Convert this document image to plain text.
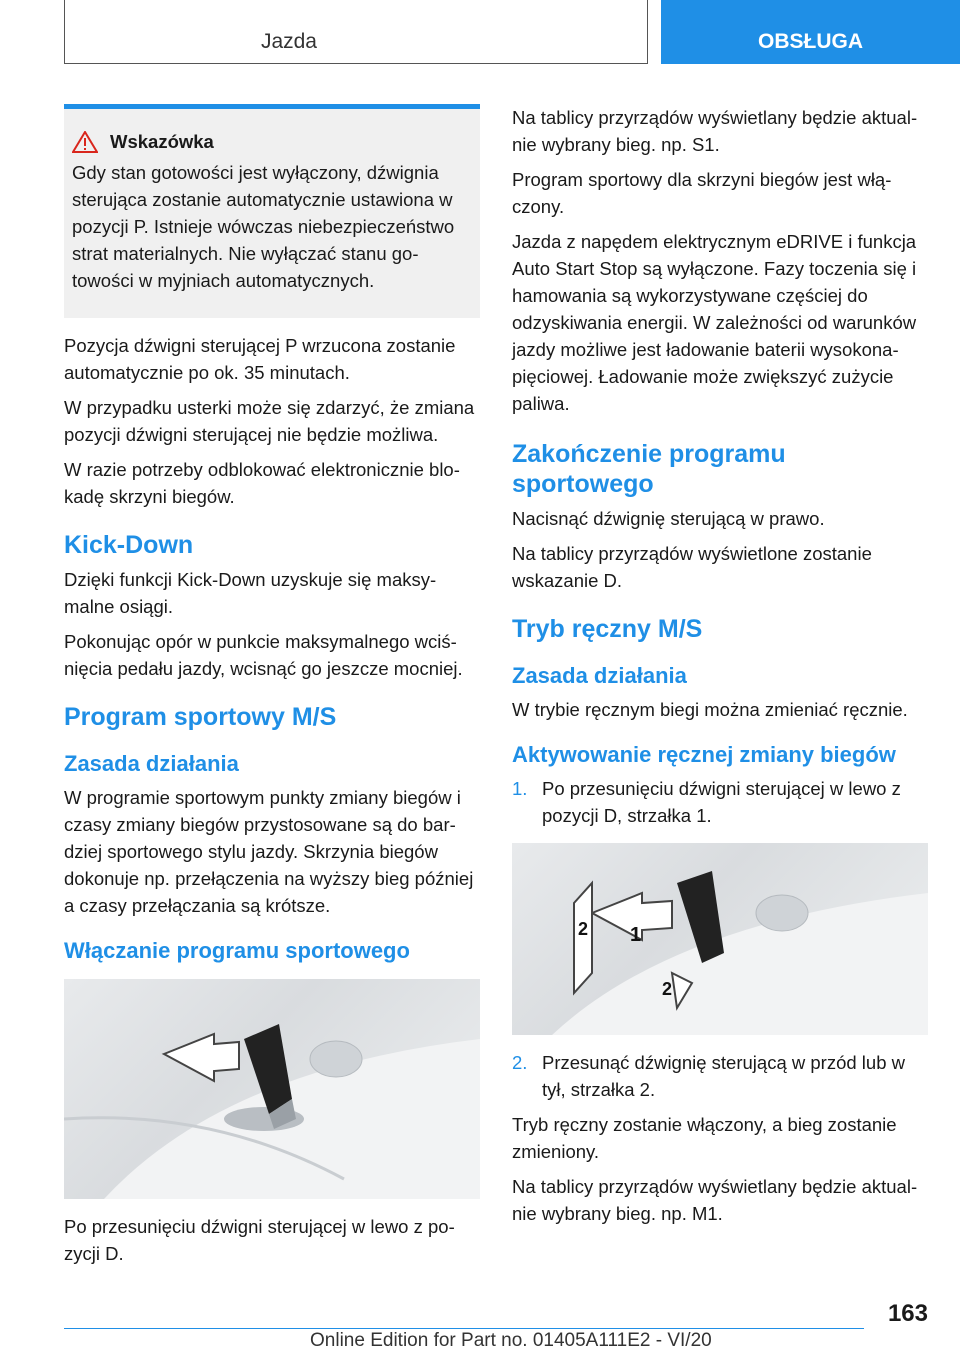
Jazda	OBSŁUGA
Wskazówka

Gdy stan gotowości jest wyłączony, dźwignia sterująca zostanie automatycznie ustawiona w pozycji P. Istnieje wówczas niebezpieczeństwo strat materialnych. Nie wyłączać stanu gotowości w myjniach automatycznych.

Pozycja dźwigni sterującej P wrzucona zostanie automatycznie po ok. 35 minutach.

W przypadku usterki może się zdarzyć, że zmiana pozycji dźwigni sterującej nie będzie możliwa.

W razie potrzeby odblokować elektronicznie blokadę skrzyni biegów.

Kick-Down

Dzięki funkcji Kick-Down uzyskuje się maksymalne osiągi.

Pokonując opór w punkcie maksymalnego wciśnięcia pedału jazdy, wcisnąć go jeszcze mocniej.

Program sportowy M/S
Zasada działania

W programie sportowym punkty zmiany biegów i czasy zmiany biegów przystosowane są do bardziej sportowego stylu jazdy. Skrzynia biegów dokonuje np. przełączenia na wyższy bieg później a czasy przełączania są krótsze.

Włączanie programu sportowego

Po przesunięciu dźwigni sterującej w lewo z pozycji D.

Na tablicy przyrządów wyświetlany będzie aktualnie wybrany bieg. np. S1.

Program sportowy dla skrzyni biegów jest włączony.

Jazda z napędem elektrycznym eDRIVE i funkcja Auto Start Stop są wyłączone. Fazy toczenia się i hamowania są wykorzystywane częściej do odzyskiwania energii. W zależności od warunków jazdy możliwe jest ładowanie baterii wysokonapięciowej. Ładowanie może zwiększyć zużycie paliwa.

Zakończenie programu sportowego

Nacisnąć dźwignię sterującą w prawo.

Na tablicy przyrządów wyświetlone zostanie wskazanie D.

Tryb ręczny M/S
Zasada działania

W trybie ręcznym biegi można zmieniać ręcznie.

Aktywowanie ręcznej zmiany biegów
1. Po przesunięciu dźwigni sterującej w lewo z pozycji D, strzałka 1.
1
2
2
2. Przesunąć dźwignię sterującą w przód lub w tył, strzałka 2.

Tryb ręczny zostanie włączony, a bieg zostanie zmieniony.

Na tablicy przyrządów wyświetlany będzie aktualnie wybrany bieg. np. M1.

163
Online Edition for Part no. 01405A111E2 - VI/20
